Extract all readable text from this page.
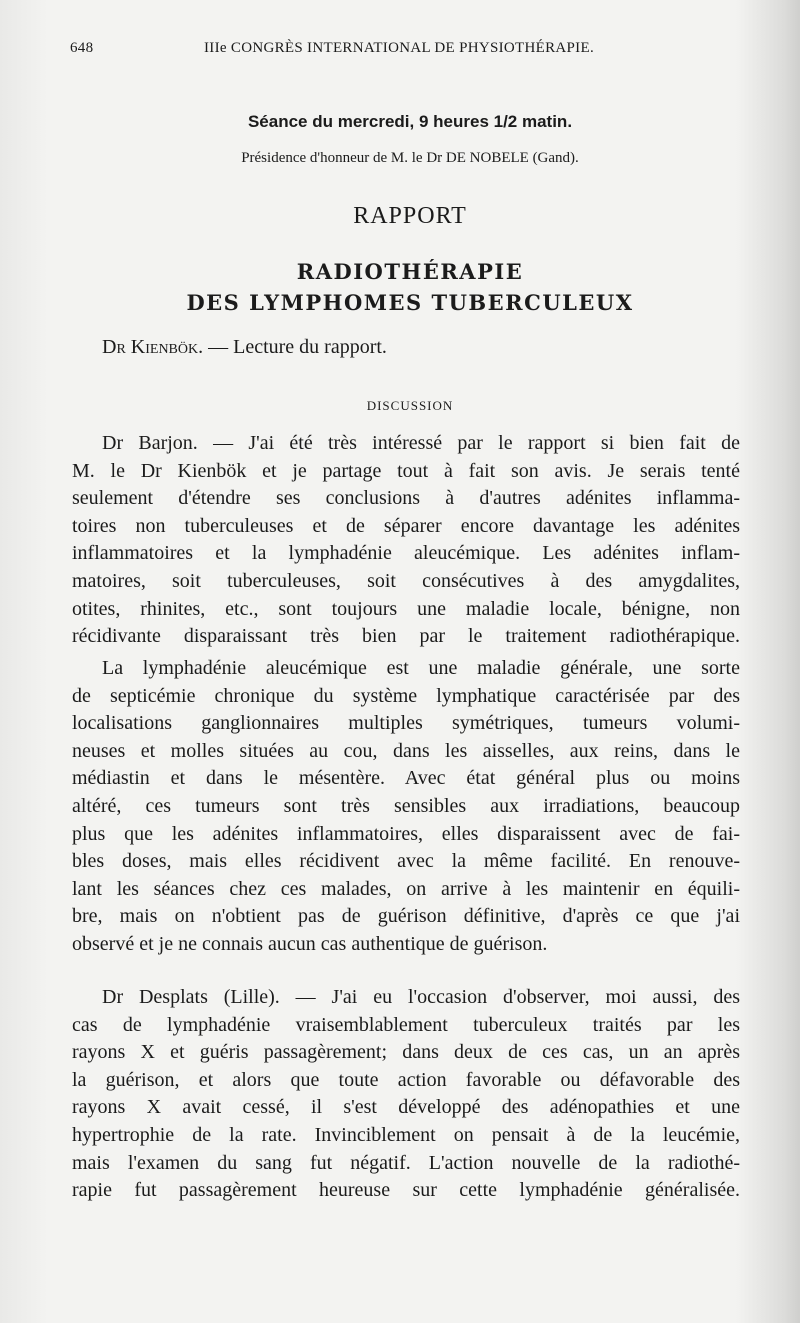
648	IIIe CONGRÈS INTERNATIONAL DE PHYSIOTHÉRAPIE.
Séance du mercredi, 9 heures 1/2 matin.
Présidence d'honneur de M. le Dr DE NOBELE (Gand).
RAPPORT
RADIOTHÉRAPIE
DES LYMPHOMES TUBERCULEUX
Dr Kienbök. — Lecture du rapport.
DISCUSSION
Dr Barjon. — J'ai été très intéressé par le rapport si bien fait de
M. le Dr Kienbök et je partage tout à fait son avis. Je serais tenté
seulement d'étendre ses conclusions à d'autres adénites inflamma-
toires non tuberculeuses et de séparer encore davantage les adénites
inflammatoires et la lymphadénie aleucémique. Les adénites inflam-
matoires, soit tuberculeuses, soit consécutives à des amygdalites,
otites, rhinites, etc., sont toujours une maladie locale, bénigne, non
récidivante disparaissant très bien par le traitement radiothérapique.
La lymphadénie aleucémique est une maladie générale, une sorte
de septicémie chronique du système lymphatique caractérisée par des
localisations ganglionnaires multiples symétriques, tumeurs volumi-
neuses et molles situées au cou, dans les aisselles, aux reins, dans le
médiastin et dans le mésentère. Avec état général plus ou moins
altéré, ces tumeurs sont très sensibles aux irradiations, beaucoup
plus que les adénites inflammatoires, elles disparaissent avec de fai-
bles doses, mais elles récidivent avec la même facilité. En renouve-
lant les séances chez ces malades, on arrive à les maintenir en équili-
bre, mais on n'obtient pas de guérison définitive, d'après ce que j'ai
observé et je ne connais aucun cas authentique de guérison.
Dr Desplats (Lille). — J'ai eu l'occasion d'observer, moi aussi, des
cas de lymphadénie vraisemblablement tuberculeux traités par les
rayons X et guéris passagèrement; dans deux de ces cas, un an après
la guérison, et alors que toute action favorable ou défavorable des
rayons X avait cessé, il s'est développé des adénopathies et une
hypertrophie de la rate. Invinciblement on pensait à de la leucémie,
mais l'examen du sang fut négatif. L'action nouvelle de la radiothé-
rapie fut passagèrement heureuse sur cette lymphadénie généralisée.
